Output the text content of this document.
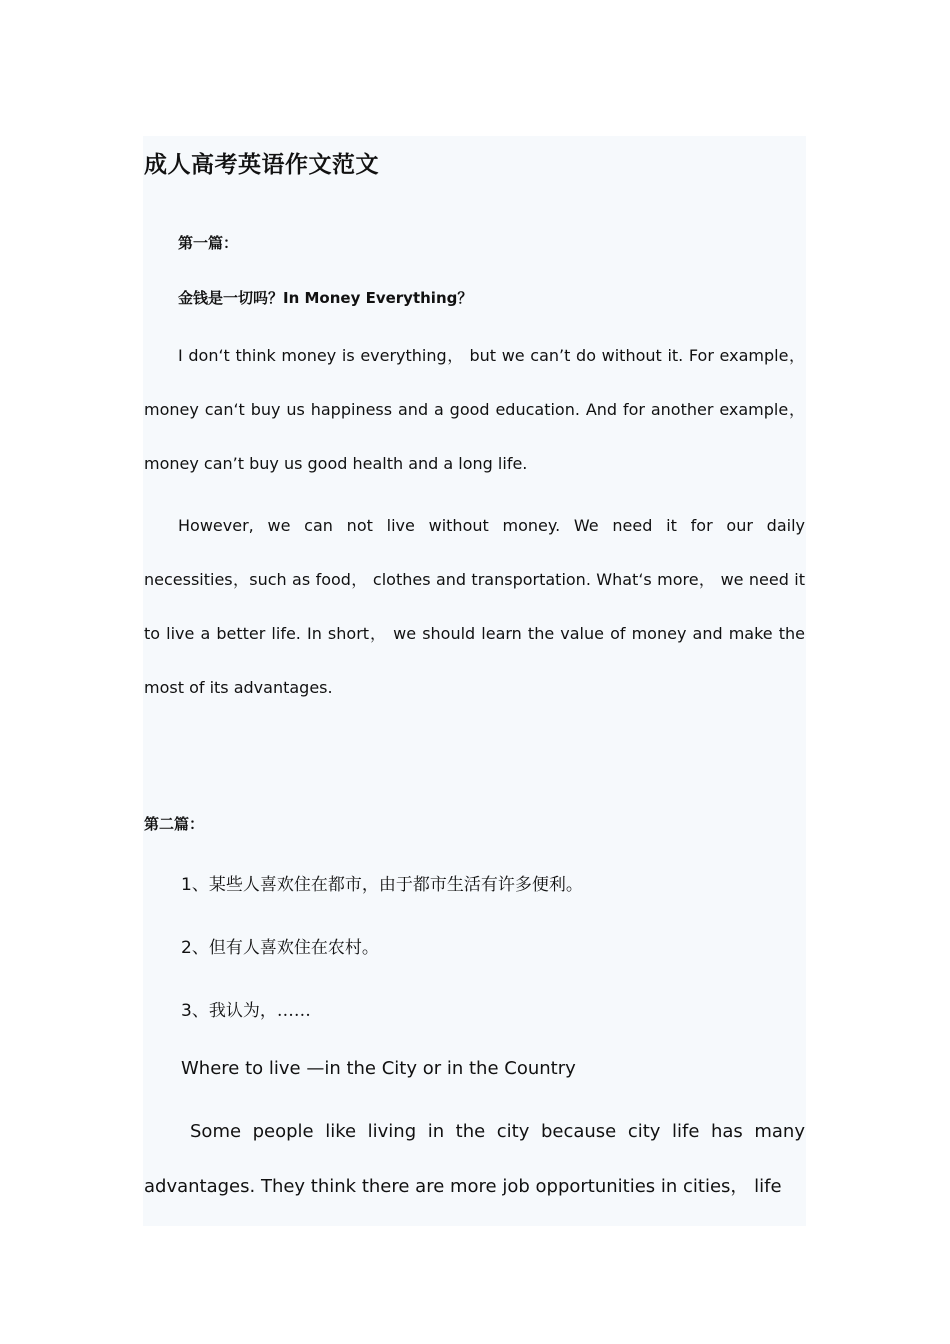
成人高考英语作文范文
第一篇：
金钱是一切吗？In Money Everything？

I don‘t think money is everything， but we can’t do without it. For example， money can‘t buy us happiness and a good education. And for another example， money can’t buy us good health and a long life.

However, we can not live without money. We need it for our daily necessities，such as food， clothes and transportation. What‘s more， we need it to live a better life. In short， we should learn the value of money and make the most of its advantages.

第二篇：
1、某些人喜欢住在都市，由于都市生活有许多便利。
2、但有人喜欢住在农村。
3、我认为，……
Where to live —in the City or in the Country

Some people like living in the city because city life has many advantages. They think there are more job opportunities in cities， life
